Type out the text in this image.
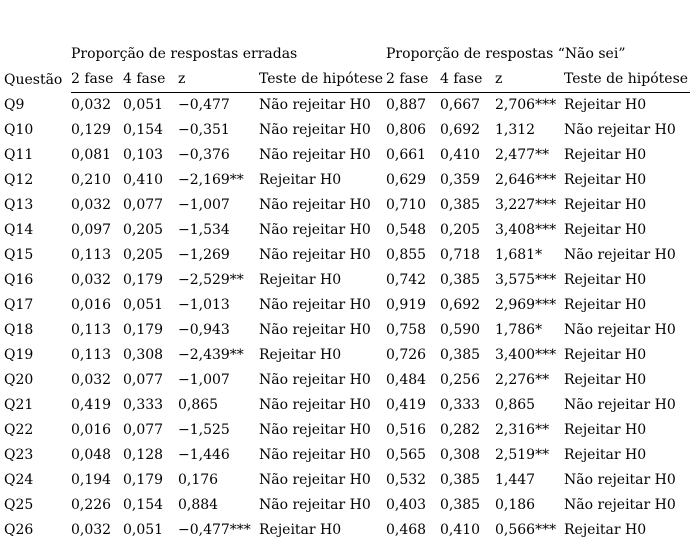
Questão	Proporção de respostas erradas				Proporção de respostas “Não sei”			
	2 fase	4 fase	z	Teste de hipótese	2 fase	4 fase	z	Teste de hipótese
Q9	0,032	0,051	−0,477	Não rejeitar H0	0,887	0,667	2,706***	Rejeitar H0
Q10	0,129	0,154	−0,351	Não rejeitar H0	0,806	0,692	1,312	Não rejeitar H0
Q11	0,081	0,103	−0,376	Não rejeitar H0	0,661	0,410	2,477**	Rejeitar H0
Q12	0,210	0,410	−2,169**	Rejeitar H0	0,629	0,359	2,646***	Rejeitar H0
Q13	0,032	0,077	−1,007	Não rejeitar H0	0,710	0,385	3,227***	Rejeitar H0
Q14	0,097	0,205	−1,534	Não rejeitar H0	0,548	0,205	3,408***	Rejeitar H0
Q15	0,113	0,205	−1,269	Não rejeitar H0	0,855	0,718	1,681*	Não rejeitar H0
Q16	0,032	0,179	−2,529**	Rejeitar H0	0,742	0,385	3,575***	Rejeitar H0
Q17	0,016	0,051	−1,013	Não rejeitar H0	0,919	0,692	2,969***	Rejeitar H0
Q18	0,113	0,179	−0,943	Não rejeitar H0	0,758	0,590	1,786*	Não rejeitar H0
Q19	0,113	0,308	−2,439**	Rejeitar H0	0,726	0,385	3,400***	Rejeitar H0
Q20	0,032	0,077	−1,007	Não rejeitar H0	0,484	0,256	2,276**	Rejeitar H0
Q21	0,419	0,333	0,865	Não rejeitar H0	0,419	0,333	0,865	Não rejeitar H0
Q22	0,016	0,077	−1,525	Não rejeitar H0	0,516	0,282	2,316**	Rejeitar H0
Q23	0,048	0,128	−1,446	Não rejeitar H0	0,565	0,308	2,519**	Rejeitar H0
Q24	0,194	0,179	0,176	Não rejeitar H0	0,532	0,385	1,447	Não rejeitar H0
Q25	0,226	0,154	0,884	Não rejeitar H0	0,403	0,385	0,186	Não rejeitar H0
Q26	0,032	0,051	−0,477***	Rejeitar H0	0,468	0,410	0,566***	Rejeitar H0
